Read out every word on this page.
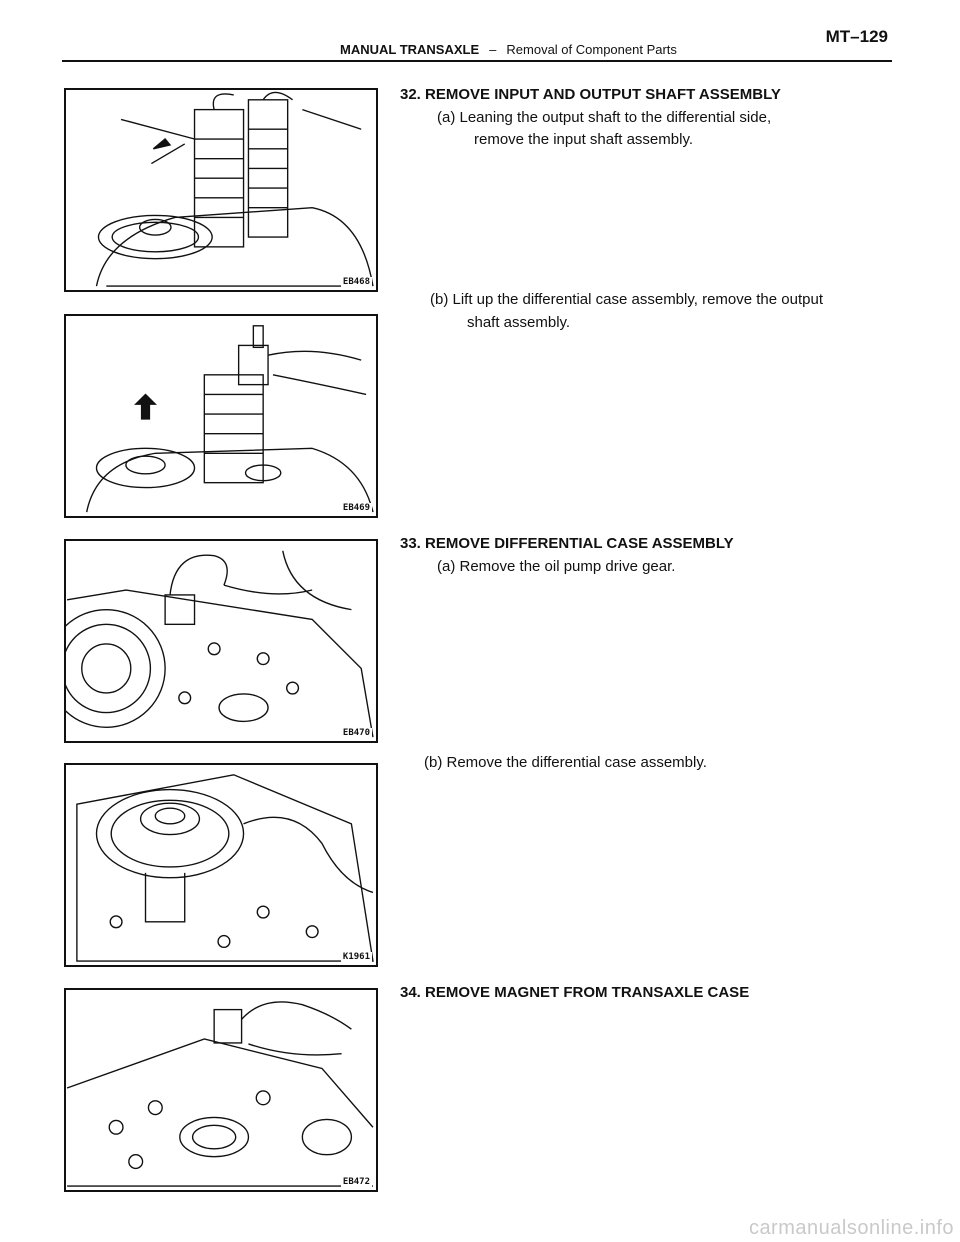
MANUAL TRANSAXLE – Removal of Component Parts
MT–129
EB468
EB469
EB470
K1961
EB472
32. REMOVE INPUT AND OUTPUT SHAFT ASSEMBLY
(a) Leaning the output shaft to the differential side,
remove the input shaft assembly.
(b) Lift up the differential case assembly, remove the output
shaft assembly.
33. REMOVE DIFFERENTIAL CASE ASSEMBLY
(a) Remove the oil pump drive gear.
(b) Remove the differential case assembly.
34. REMOVE MAGNET FROM TRANSAXLE CASE
carmanualsonline.info
